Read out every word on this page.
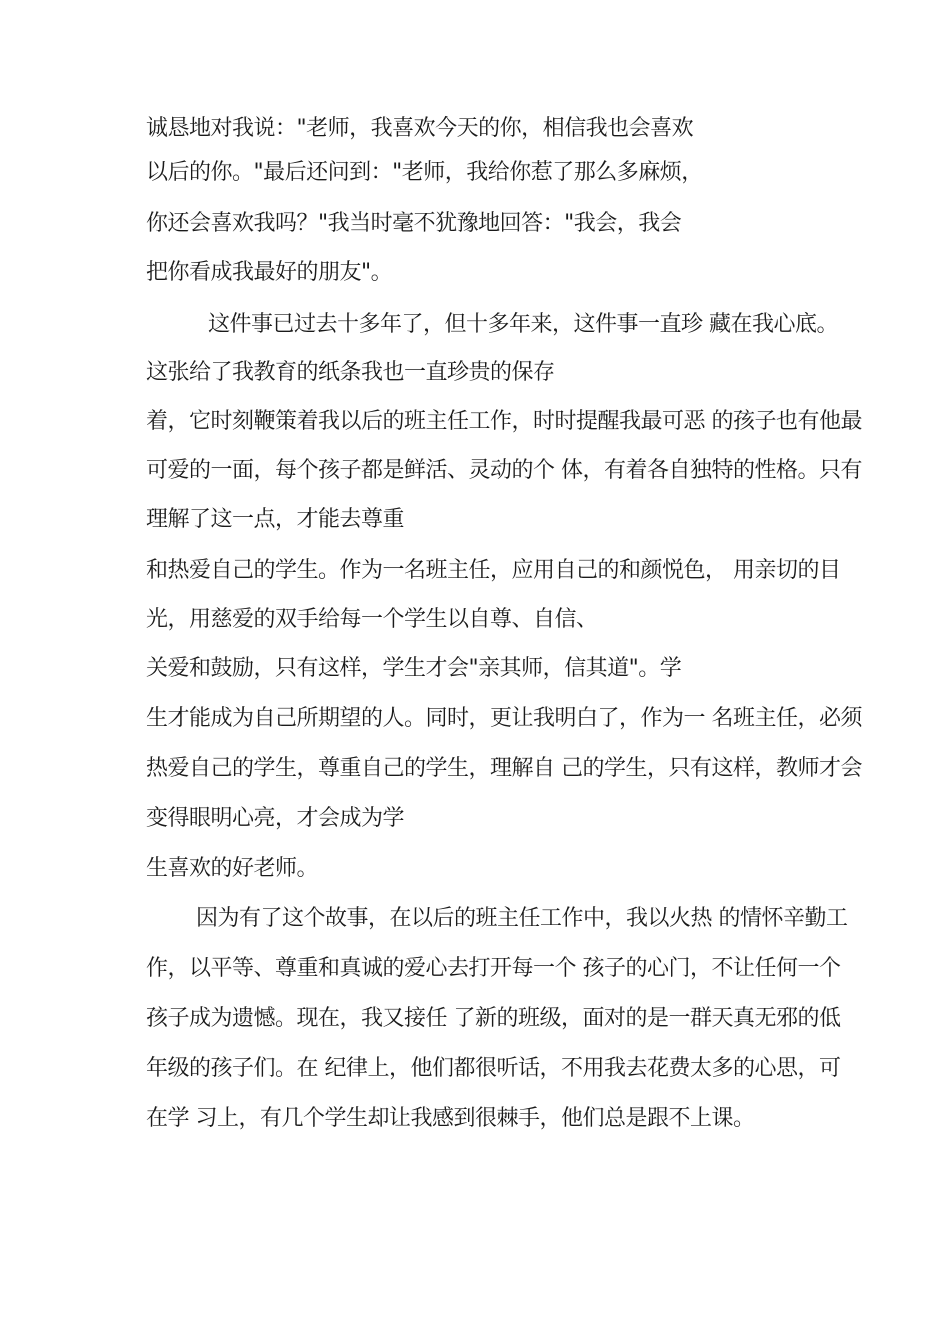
诚恳地对我说："老师，我喜欢今天的你，相信我也会喜欢
以后的你。"最后还问到："老师，我给你惹了那么多麻烦，
你还会喜欢我吗？"我当时毫不犹豫地回答："我会，我会
把你看成我最好的朋友"。
这件事已过去十多年了，但十多年来，这件事一直珍 藏在我心底。
这张给了我教育的纸条我也一直珍贵的保存
着，它时刻鞭策着我以后的班主任工作，时时提醒我最可恶 的孩子也有他最
可爱的一面，每个孩子都是鲜活、灵动的个 体，有着各自独特的性格。只有
理解了这一点，才能去尊重
和热爱自己的学生。作为一名班主任，应用自己的和颜悦色， 用亲切的目
光，用慈爱的双手给每一个学生以自尊、自信、
关爱和鼓励，只有这样，学生才会"亲其师，信其道"。学
生才能成为自己所期望的人。同时，更让我明白了，作为一 名班主任，必须
热爱自己的学生，尊重自己的学生，理解自 己的学生，只有这样，教师才会
变得眼明心亮，才会成为学
生喜欢的好老师。
因为有了这个故事，在以后的班主任工作中，我以火热 的情怀辛勤工
作，以平等、尊重和真诚的爱心去打开每一个 孩子的心门，不让任何一个
孩子成为遗憾。现在，我又接任 了新的班级，面对的是一群天真无邪的低
年级的孩子们。在 纪律上，他们都很听话，不用我去花费太多的心思，可
在学 习上，有几个学生却让我感到很棘手，他们总是跟不上课。
